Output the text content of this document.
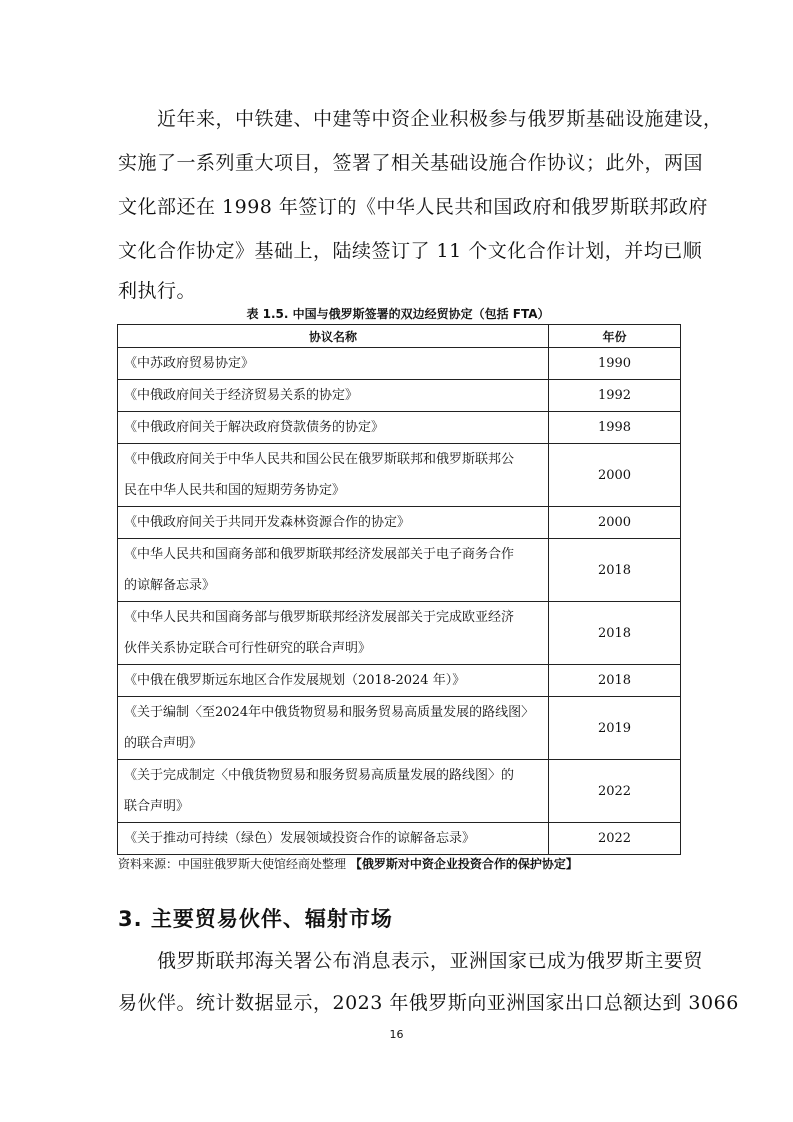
　　近年来，中铁建、中建等中资企业积极参与俄罗斯基础设施建设，
实施了一系列重大项目，签署了相关基础设施合作协议；此外，两国
文化部还在 1998 年签订的《中华人民共和国政府和俄罗斯联邦政府
文化合作协定》基础上，陆续签订了 11 个文化合作计划，并均已顺
利执行。
表 1.5. 中国与俄罗斯签署的双边经贸协定（包括 FTA）
协议名称	年份

《中苏政府贸易协定》	1990

《中俄政府间关于经济贸易关系的协定》	1992

《中俄政府间关于解决政府贷款债务的协定》	1998

《中俄政府间关于中华人民共和国公民在俄罗斯联邦和俄罗斯联邦公
民在中华人民共和国的短期劳务协定》	2000

《中俄政府间关于共同开发森林资源合作的协定》	2000

《中华人民共和国商务部和俄罗斯联邦经济发展部关于电子商务合作
的谅解备忘录》	2018

《中华人民共和国商务部与俄罗斯联邦经济发展部关于完成欧亚经济
伙伴关系协定联合可行性研究的联合声明》	2018

《中俄在俄罗斯远东地区合作发展规划（2018-2024 年）》	2018

《关于编制〈至2024年中俄货物贸易和服务贸易高质量发展的路线图〉
的联合声明》	2019

《关于完成制定〈中俄货物贸易和服务贸易高质量发展的路线图〉的
联合声明》	2022

《关于推动可持续（绿色）发展领域投资合作的谅解备忘录》	2022
资料来源：中国驻俄罗斯大使馆经商处整理 【俄罗斯对中资企业投资合作的保护协定】
3. 主要贸易伙伴、辐射市场
　　俄罗斯联邦海关署公布消息表示，亚洲国家已成为俄罗斯主要贸
易伙伴。统计数据显示，2023 年俄罗斯向亚洲国家出口总额达到 3066
16
